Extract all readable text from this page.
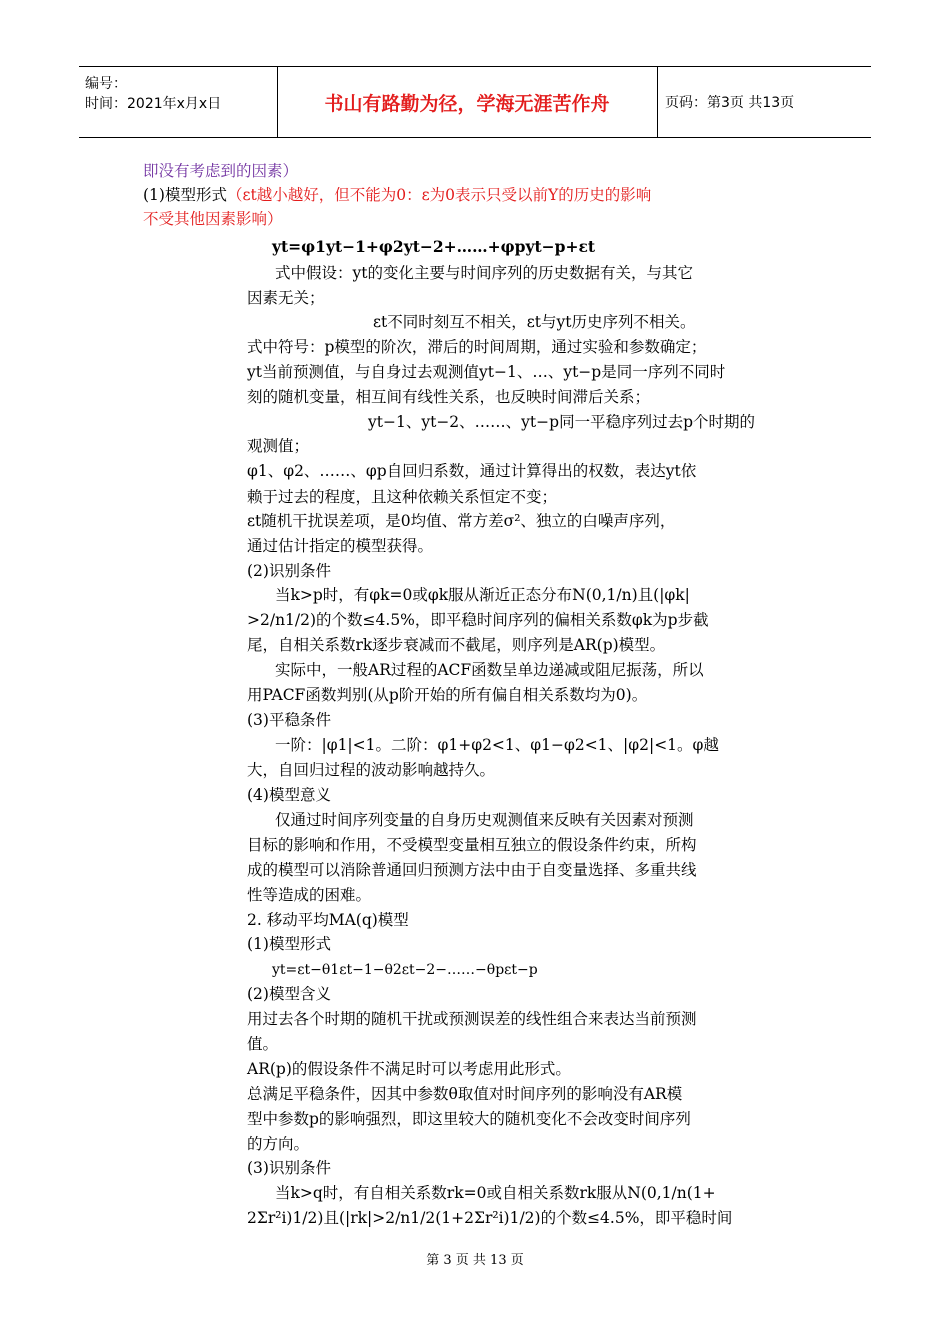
编号：
时间：2021年x月x日	书山有路勤为径，学海无涯苦作舟	页码：第3页 共13页
即没有考虑到的因素）
(1)模型形式（εt越小越好，但不能为0：ε为0表示只受以前Y的历史的影响
不受其他因素影响）
yt=φ1yt−1+φ2yt−2+……+φpyt−p+εt
式中假设：yt的变化主要与时间序列的历史数据有关，与其它
因素无关；
εt不同时刻互不相关，εt与yt历史序列不相关。
式中符号：p模型的阶次，滞后的时间周期，通过实验和参数确定；
yt当前预测值，与自身过去观测值yt−1、…、yt−p是同一序列不同时
刻的随机变量，相互间有线性关系，也反映时间滞后关系；
yt−1、yt−2、……、yt−p同一平稳序列过去p个时期的
观测值；
φ1、φ2、……、φp自回归系数，通过计算得出的权数，表达yt依
赖于过去的程度，且这种依赖关系恒定不变；
εt随机干扰误差项，是0均值、常方差σ²、独立的白噪声序列，
通过估计指定的模型获得。
(2)识别条件
当k>p时，有φk=0或φk服从渐近正态分布N(0,1/n)且(|φk|
>2/n1/2)的个数≤4.5%，即平稳时间序列的偏相关系数φk为p步截
尾，自相关系数rk逐步衰减而不截尾，则序列是AR(p)模型。
实际中，一般AR过程的ACF函数呈单边递减或阻尼振荡，所以
用PACF函数判别(从p阶开始的所有偏自相关系数均为0)。
(3)平稳条件
一阶：|φ1|<1。二阶：φ1+φ2<1、φ1−φ2<1、|φ2|<1。φ越
大，自回归过程的波动影响越持久。
(4)模型意义
仅通过时间序列变量的自身历史观测值来反映有关因素对预测
目标的影响和作用，不受模型变量相互独立的假设条件约束，所构
成的模型可以消除普通回归预测方法中由于自变量选择、多重共线
性等造成的困难。
2. 移动平均MA(q)模型
(1)模型形式
yt=εt−θ1εt−1−θ2εt−2−……−θpεt−p
(2)模型含义
用过去各个时期的随机干扰或预测误差的线性组合来表达当前预测
值。
AR(p)的假设条件不满足时可以考虑用此形式。
总满足平稳条件，因其中参数θ取值对时间序列的影响没有AR模
型中参数p的影响强烈，即这里较大的随机变化不会改变时间序列
的方向。
(3)识别条件
当k>q时，有自相关系数rk=0或自相关系数rk服从N(0,1/n(1+
2Σr²i)1/2)且(|rk|>2/n1/2(1+2Σr²i)1/2)的个数≤4.5%，即平稳时间
第 3 页 共 13 页
